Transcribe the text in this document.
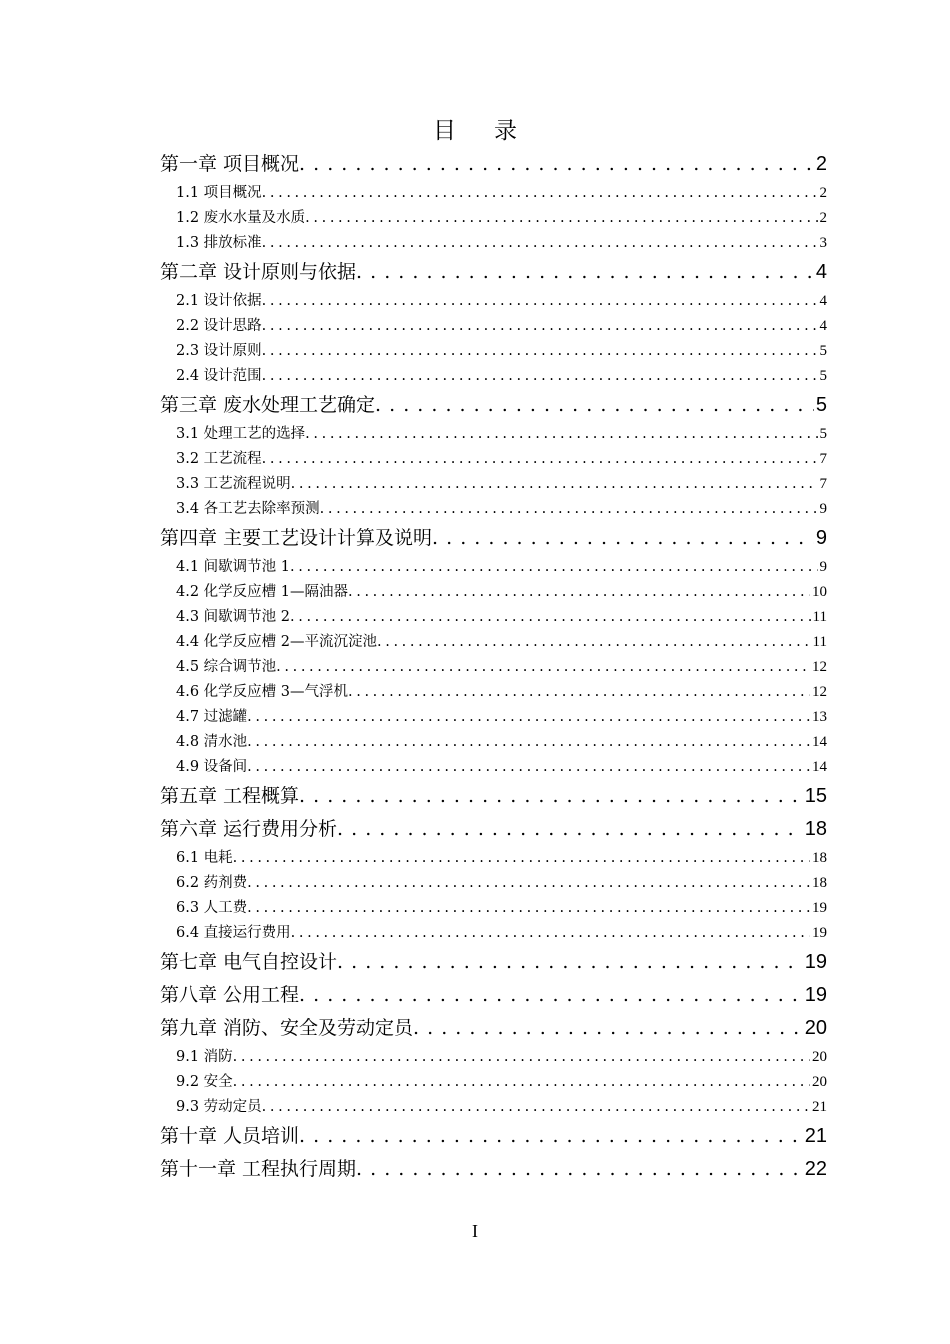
目 录
第一章 项目概况 . . .	2
1.1 项目概况 . . .	2
1.2 废水水量及水质 . . .	2
1.3 排放标准 . . .	3
第二章 设计原则与依据 . . .	4
2.1 设计依据 . . .	4
2.2 设计思路 . . .	4
2.3 设计原则 . . .	5
2.4 设计范围 . . .	5
第三章 废水处理工艺确定 . . .	5
3.1 处理工艺的选择 . . .	5
3.2 工艺流程 . . .	7
3.3 工艺流程说明 . . .	7
3.4 各工艺去除率预测 . . .	9
第四章 主要工艺设计计算及说明 . . .	9
4.1 间歇调节池 1 . . .	9
4.2 化学反应槽 1—隔油器 . . .	10
4.3 间歇调节池 2 . . .	11
4.4 化学反应槽 2—平流沉淀池 . . .	11
4.5 综合调节池 . . .	12
4.6 化学反应槽 3—气浮机 . . .	12
4.7 过滤罐 . . .	13
4.8 清水池 . . .	14
4.9 设备间 . . .	14
第五章 工程概算 . . .	15
第六章 运行费用分析 . . .	18
6.1 电耗 . . .	18
6.2 药剂费 . . .	18
6.3 人工费 . . .	19
6.4 直接运行费用 . . .	19
第七章 电气自控设计 . . .	19
第八章 公用工程 . . .	19
第九章 消防、安全及劳动定员 . . .	20
9.1 消防 . . .	20
9.2 安全 . . .	20
9.3 劳动定员 . . .	21
第十章 人员培训 . . .	21
第十一章 工程执行周期 . . .	22
I
